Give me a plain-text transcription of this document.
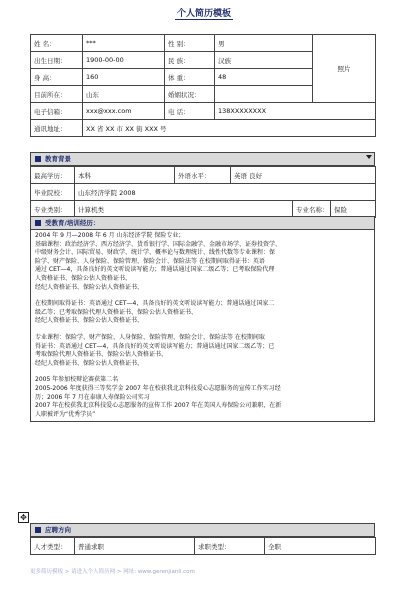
个人简历模板
姓 名：	***	性 别：	男	照片
出生日期：	1900-00-00	民 族：	汉族	
身 高：	160	体 重：	48	
目前所在：	山东	婚姻状况：		
电子信箱：	xxx@xxx.com	电 话：	138XXXXXXXX	
通讯地址：	XX 省 XX 市 XX 街 XXX 号			
教育背景
最高学历：	本科	外语水平：	英语 良好		
毕业院校：	山东经济学院 2008				
专业类别：	计算机类			专业名称：	保险
受教育/培训经历：

2004 年 9 月—2008 年 6 月 山东经济学院 保险专业；

基础课程：政治经济学、西方经济学、货币银行学、国际金融学、金融市场学、证券投资学、

中级财务会计、国际贸易、财政学、统计学、概率论与数理统计、线性代数等专业课程：保

险学、财产保险、人身保险、保险管理、保险会计、保险法等 在校期间取得证书：英语

通过 CET—4，具备良好的英文听说读写能力；普通话通过国家二级乙等；已考取保险代理

人资格证书、保险公估人资格证书、

经纪人资格证书、保险公估人资格证书、

在校期间取得证书：英语通过 CET—4，具备良好的英文听说读写能力；普通话通过国家二

级乙等；已考取保险代理人资格证书、保险公估人资格证书、

经纪人资格证书、保险公估人资格证书、

专业课程：保险学、财产保险、人身保险、保险管理、保险会计、保险法等 在校期间取

得证书：英语通过 CET—4，具备良好的英文听说读写能力；普通话通过国家二级乙等；已

考取保险代理人资格证书、保险公估人资格证书、

经纪人资格证书、保险公估人资格证书、

2005 年参加校辩论赛获第二名

2005-2006 年度获得三等奖学金 2007 年在校获我北京科技爱心志愿服务的宣传工作实习经

历；2006 年 7 月在泰康人寿保险公司实习

2007 年在校获我北京科技爱心志愿服务的宣传工作 2007 年在美国人寿保险公司兼职，在新

人职被评为“优秀学员”

✥
应聘方向
人才类型：	普通求职	求职类型：	全职
更多简历模板 > 请进入个人简历网 > 网址: www.gerenjianli.com
